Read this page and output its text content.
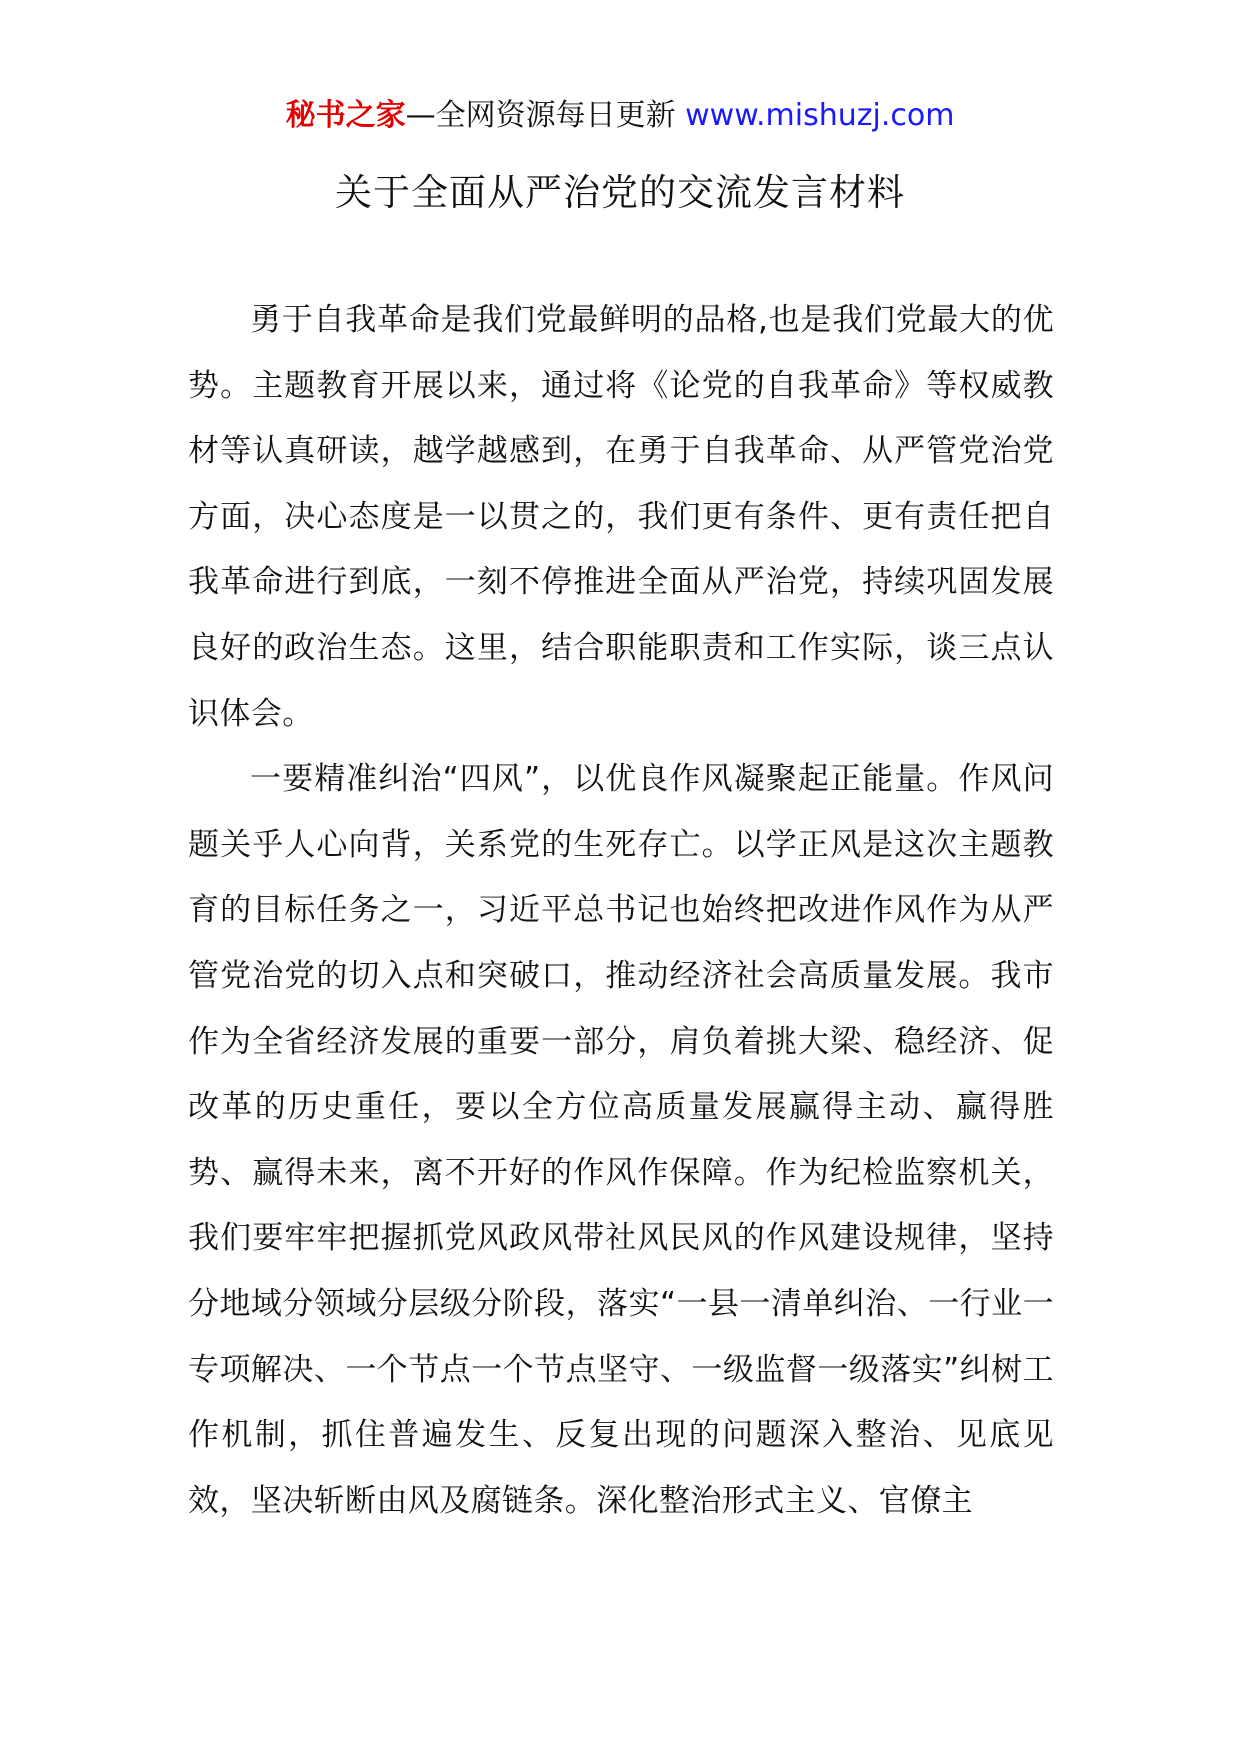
秘书之家—全网资源每日更新 www.mishuzj.com
关于全面从严治党的交流发言材料

勇于自我革命是我们党最鲜明的品格,也是我们党最大的优势。主题教育开展以来，通过将《论党的自我革命》等权威教材等认真研读，越学越感到，在勇于自我革命、从严管党治党方面，决心态度是一以贯之的，我们更有条件、更有责任把自我革命进行到底，一刻不停推进全面从严治党，持续巩固发展良好的政治生态。这里，结合职能职责和工作实际，谈三点认识体会。

一要精准纠治“四风”，以优良作风凝聚起正能量。作风问题关乎人心向背，关系党的生死存亡。以学正风是这次主题教育的目标任务之一，习近平总书记也始终把改进作风作为从严管党治党的切入点和突破口，推动经济社会高质量发展。我市作为全省经济发展的重要一部分，肩负着挑大梁、稳经济、促改革的历史重任，要以全方位高质量发展赢得主动、赢得胜势、赢得未来，离不开好的作风作保障。作为纪检监察机关，我们要牢牢把握抓党风政风带社风民风的作风建设规律，坚持分地域分领域分层级分阶段，落实“一县一清单纠治、一行业一专项解决、一个节点一个节点坚守、一级监督一级落实”纠树工作机制，抓住普遍发生、反复出现的问题深入整治、见底见效，坚决斩断由风及腐链条。深化整治形式主义、官僚主
